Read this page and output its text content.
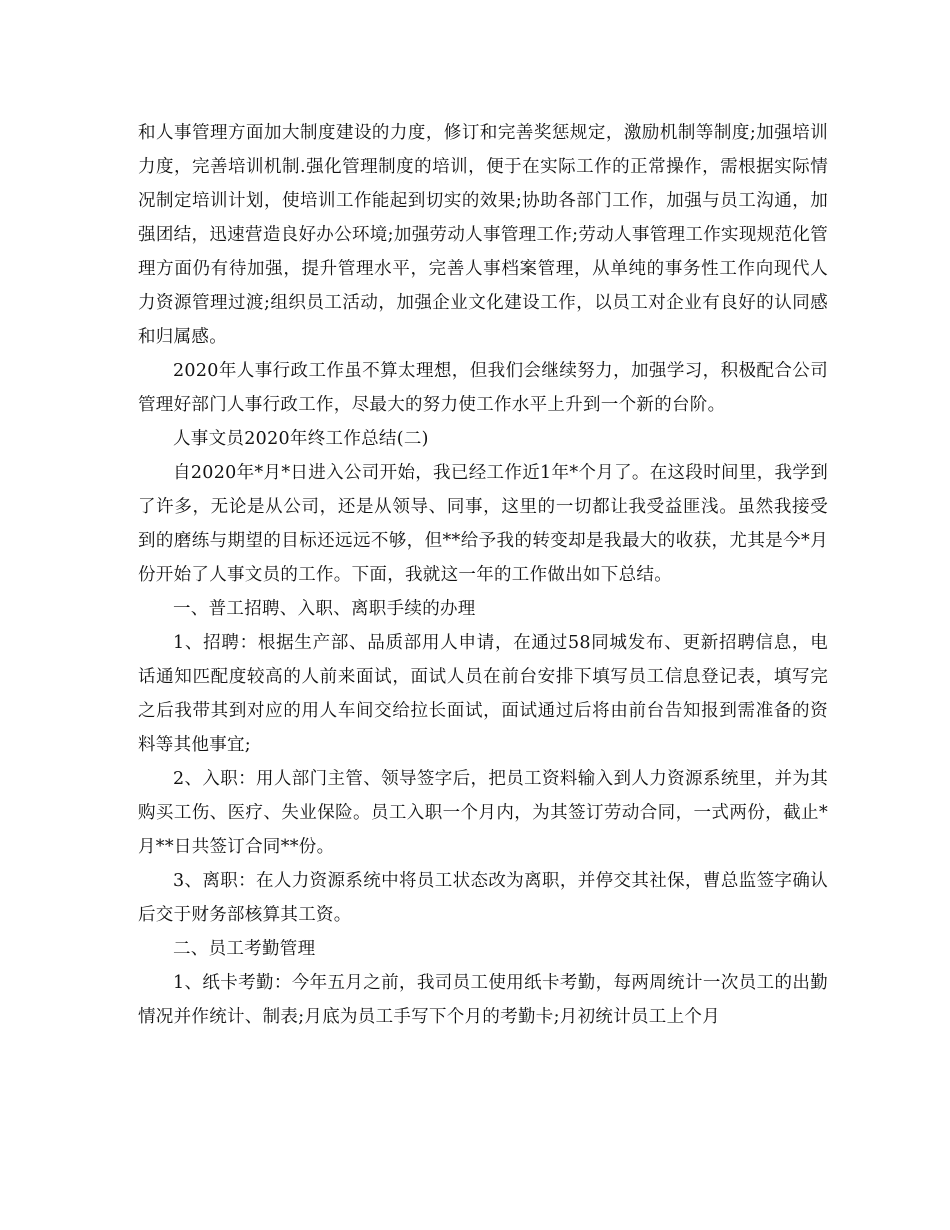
和人事管理方面加大制度建设的力度，修订和完善奖惩规定，激励机制等制度;加强培训力度，完善培训机制.强化管理制度的培训，便于在实际工作的正常操作，需根据实际情况制定培训计划，使培训工作能起到切实的效果;协助各部门工作，加强与员工沟通，加强团结，迅速营造良好办公环境;加强劳动人事管理工作;劳动人事管理工作实现规范化管理方面仍有待加强，提升管理水平，完善人事档案管理，从单纯的事务性工作向现代人力资源管理过渡;组织员工活动，加强企业文化建设工作，以员工对企业有良好的认同感和归属感。

2020年人事行政工作虽不算太理想，但我们会继续努力，加强学习，积极配合公司管理好部门人事行政工作，尽最大的努力使工作水平上升到一个新的台阶。

人事文员2020年终工作总结(二)

自2020年*月*日进入公司开始，我已经工作近1年*个月了。在这段时间里，我学到了许多，无论是从公司，还是从领导、同事，这里的一切都让我受益匪浅。虽然我接受到的磨练与期望的目标还远远不够，但**给予我的转变却是我最大的收获，尤其是今*月份开始了人事文员的工作。下面，我就这一年的工作做出如下总结。

一、普工招聘、入职、离职手续的办理

1、招聘：根据生产部、品质部用人申请，在通过58同城发布、更新招聘信息，电话通知匹配度较高的人前来面试，面试人员在前台安排下填写员工信息登记表，填写完之后我带其到对应的用人车间交给拉长面试，面试通过后将由前台告知报到需准备的资料等其他事宜;

2、入职：用人部门主管、领导签字后，把员工资料输入到人力资源系统里，并为其购买工伤、医疗、失业保险。员工入职一个月内，为其签订劳动合同，一式两份，截止*月**日共签订合同**份。

3、离职：在人力资源系统中将员工状态改为离职，并停交其社保，曹总监签字确认后交于财务部核算其工资。

二、员工考勤管理

1、纸卡考勤：今年五月之前，我司员工使用纸卡考勤，每两周统计一次员工的出勤情况并作统计、制表;月底为员工手写下个月的考勤卡;月初统计员工上个月
